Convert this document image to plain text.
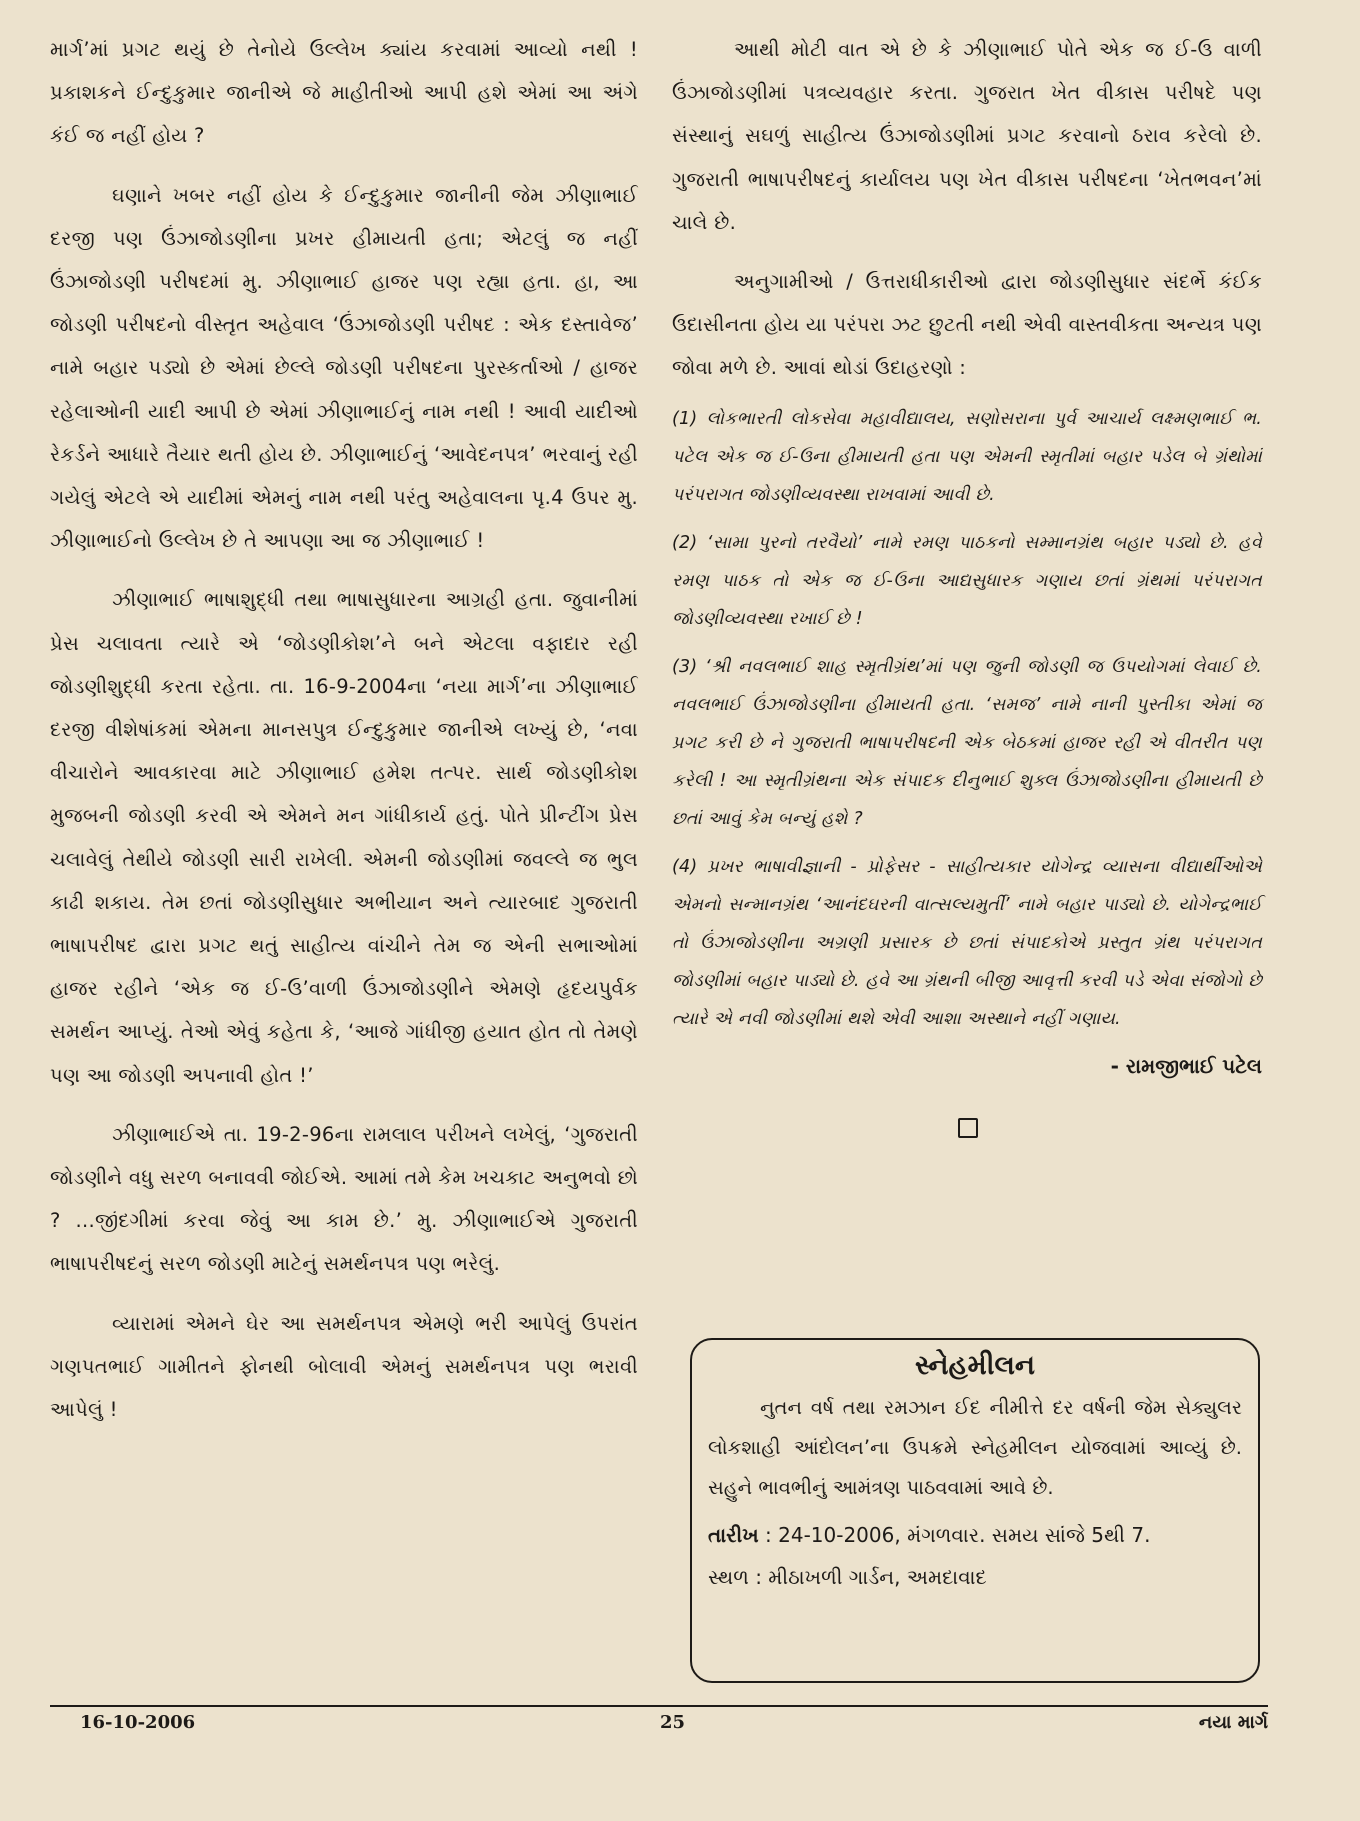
માર્ગ’માં પ્રગટ થયું છે તેનોયે ઉલ્લેખ ક્યાંય કરવામાં આવ્યો નથી ! પ્રકાશકને ઈન્દુકુમાર જાનીએ જે માહીતીઓ આપી હશે એમાં આ અંગે કંઈ જ નહીં હોય ?

ઘણાને ખબર નહીં હોય કે ઈન્દુકુમાર જાનીની જેમ ઝીણાભાઈ દરજી પણ ઉંઝાજોડણીના પ્રખર હીમાયતી હતા; એટલું જ નહીં ઉંઝાજોડણી પરીષદમાં મુ. ઝીણાભાઈ હાજર પણ રહ્યા હતા. હા, આ જોડણી પરીષદનો વીસ્તૃત અહેવાલ ‘ઉંઝાજોડણી પરીષદ : એક દસ્તાવેજ’ નામે બહાર પડ્યો છે એમાં છેલ્લે જોડણી પરીષદના પુરસ્કર્તાઓ / હાજર રહેલાઓની યાદી આપી છે એમાં ઝીણાભાઈનું નામ નથી ! આવી યાદીઓ રેકર્ડને આધારે તૈયાર થતી હોય છે. ઝીણાભાઈનું ‘આવેદનપત્ર’ ભરવાનું રહી ગયેલું એટલે એ યાદીમાં એમનું નામ નથી પરંતુ અહેવાલના પૃ.4 ઉપર મુ. ઝીણાભાઈનો ઉલ્લેખ છે તે આપણા આ જ ઝીણાભાઈ !

ઝીણાભાઈ ભાષાશુદ્ધી તથા ભાષાસુધારના આગ્રહી હતા. જુવાનીમાં પ્રેસ ચલાવતા ત્યારે એ ‘જોડણીકોશ’ને બને એટલા વફાદાર રહી જોડણીશુદ્ધી કરતા રહેતા. તા. 16-9-2004ના ‘નયા માર્ગ’ના ઝીણાભાઈ દરજી વીશેષાંકમાં એમના માનસપુત્ર ઈન્દુકુમાર જાનીએ લખ્યું છે, ‘નવા વીચારોને આવકારવા માટે ઝીણાભાઈ હમેશ તત્પર. સાર્થ જોડણીકોશ મુજબની જોડણી કરવી એ એમને મન ગાંધીકાર્ય હતું. પોતે પ્રીન્ટીંગ પ્રેસ ચલાવેલું તેથીયે જોડણી સારી રાખેલી. એમની જોડણીમાં જવલ્લે જ ભુલ કાઢી શકાય. તેમ છતાં જોડણીસુધાર અભીયાન અને ત્યારબાદ ગુજરાતી ભાષાપરીષદ દ્વારા પ્રગટ થતું સાહીત્ય વાંચીને તેમ જ એની સભાઓમાં હાજર રહીને ‘એક જ ઈ-ઉ’વાળી ઉંઝાજોડણીને એમણે હૃદયપુર્વક સમર્થન આપ્યું. તેઓ એવું કહેતા કે, ‘આજે ગાંધીજી હયાત હોત તો તેમણે પણ આ જોડણી અપનાવી હોત !’

ઝીણાભાઈએ તા. 19-2-96ના રામલાલ પરીખને લખેલું, ‘ગુજરાતી જોડણીને વધુ સરળ બનાવવી જોઈએ. આમાં તમે કેમ ખચકાટ અનુભવો છો ? ...જીંદગીમાં કરવા જેવું આ કામ છે.’ મુ. ઝીણાભાઈએ ગુજરાતી ભાષાપરીષદનું સરળ જોડણી માટેનું સમર્થનપત્ર પણ ભરેલું.

વ્યારામાં એમને ઘેર આ સમર્થનપત્ર એમણે ભરી આપેલું ઉપરાંત ગણપતભાઈ ગામીતને ફોનથી બોલાવી એમનું સમર્થનપત્ર પણ ભરાવી આપેલું !

આથી મોટી વાત એ છે કે ઝીણાભાઈ પોતે એક જ ઈ-ઉ વાળી ઉંઝાજોડણીમાં પત્રવ્યવહાર કરતા. ગુજરાત ખેત વીકાસ પરીષદે પણ સંસ્થાનું સઘળું સાહીત્ય ઉંઝાજોડણીમાં પ્રગટ કરવાનો ઠરાવ કરેલો છે. ગુજરાતી ભાષાપરીષદનું કાર્યાલય પણ ખેત વીકાસ પરીષદના ‘ખેતભવન’માં ચાલે છે.

અનુગામીઓ / ઉત્તરાધીકારીઓ દ્વારા જોડણીસુધાર સંદર્ભે કંઈક ઉદાસીનતા હોય યા પરંપરા ઝટ છુટતી નથી એવી વાસ્તવીકતા અન્યત્ર પણ જોવા મળે છે. આવાં થોડાં ઉદાહરણો :

(1) લોકભારતી લોકસેવા મહાવીદ્યાલય, સણોસરાના પુર્વ આચાર્ય લક્ષ્મણભાઈ ભ. પટેલ એક જ ઈ-ઉના હીમાયતી હતા પણ એમની સ્મૃતીમાં બહાર પડેલ બે ગ્રંથોમાં પરંપરાગત જોડણીવ્યવસ્થા રાખવામાં આવી છે.

(2) ‘સામા પુરનો તરવૈયો’ નામે રમણ પાઠકનો સમ્માનગ્રંથ બહાર પડ્યો છે. હવે રમણ પાઠક તો એક જ ઈ-ઉના આદ્યસુધારક ગણાય છતાં ગ્રંથમાં પરંપરાગત જોડણીવ્યવસ્થા રખાઈ છે !

(3) ‘શ્રી નવલભાઈ શાહ સ્મૃતીગ્રંથ’માં પણ જુની જોડણી જ ઉપયોગમાં લેવાઈ છે. નવલભાઈ ઉંઝાજોડણીના હીમાયતી હતા. ‘સમજ’ નામે નાની પુસ્તીકા એમાં જ પ્રગટ કરી છે ને ગુજરાતી ભાષાપરીષદની એક બેઠકમાં હાજર રહી એ વીતરીત પણ કરેલી ! આ સ્મૃતીગ્રંથના એક સંપાદક દીનુભાઈ શુક્લ ઉંઝાજોડણીના હીમાયતી છે છતાં આવું કેમ બન્યું હશે ?

(4) પ્રખર ભાષાવીજ્ઞાની - પ્રોફેસર - સાહીત્યકાર યોગેન્દ્ર વ્યાસના વીદ્યાર્થીઓએ એમનો સન્માનગ્રંથ ‘આનંદઘરની વાત્સલ્યમુર્તી’ નામે બહાર પાડ્યો છે. યોગેન્દ્રભાઈ તો ઉંઝાજોડણીના અગ્રણી પ્રસારક છે છતાં સંપાદકોએ પ્રસ્તુત ગ્રંથ પરંપરાગત જોડણીમાં બહાર પાડ્યો છે. હવે આ ગ્રંથની બીજી આવૃત્તી કરવી પડે એવા સંજોગો છે ત્યારે એ નવી જોડણીમાં થશે એવી આશા અસ્થાને નહીં ગણાય.

- રામજીભાઈ પટેલ

સ્નેહમીલન

નુતન વર્ષ તથા રમઝાન ઈદ નીમીત્તે દર વર્ષની જેમ સેક્યુલર લોકશાહી આંદોલન’ના ઉપક્રમે સ્નેહમીલન યોજવામાં આવ્યું છે. સહુને ભાવભીનું આમંત્રણ પાઠવવામાં આવે છે.

તારીખ : 24-10-2006, મંગળવાર. સમય સાંજે 5થી 7.

સ્થળ : મીઠાખળી ગાર્ડન, અમદાવાદ

16-10-2006	25	નયા માર્ગ
